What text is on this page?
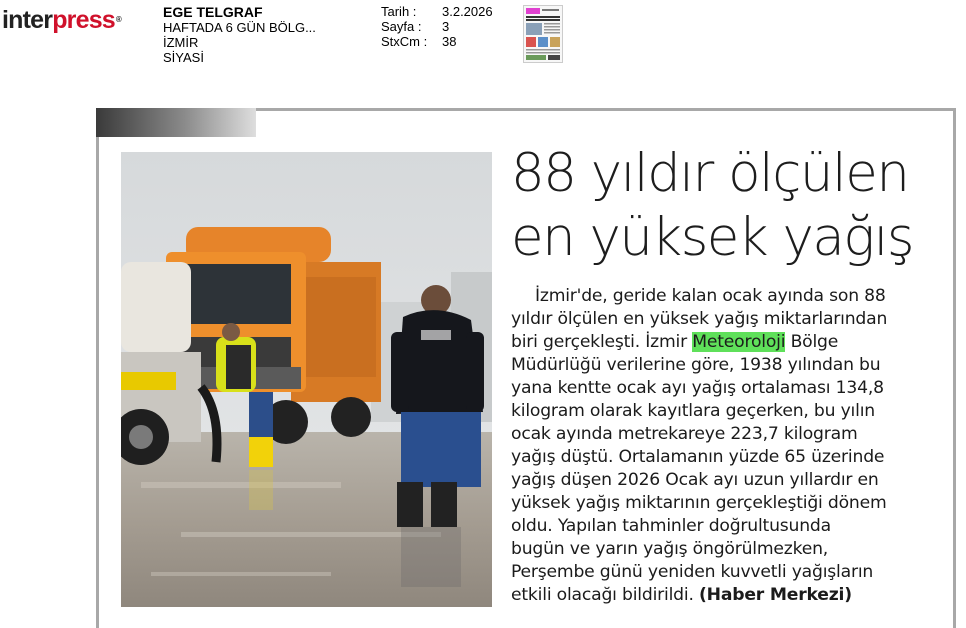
interpress®	EGE TELGRAF
HAFTADA 6 GÜN BÖLG...
İZMİR
SİYASİ
Tarih :	3.2.2026
Sayfa :	3
StxCm :	38
88 yıldır ölçülen
en yüksek yağış
İzmir'de, geride kalan ocak ayında son 88
yıldır ölçülen en yüksek yağış miktarlarından
biri gerçekleşti. İzmir Meteoroloji Bölge
Müdürlüğü verilerine göre, 1938 yılından bu
yana kentte ocak ayı yağış ortalaması 134,8
kilogram olarak kayıtlara geçerken, bu yılın
ocak ayında metrekareye 223,7 kilogram
yağış düştü. Ortalamanın yüzde 65 üzerinde
yağış düşen 2026 Ocak ayı uzun yıllardır en
yüksek yağış miktarının gerçekleştiği dönem
oldu. Yapılan tahminler doğrultusunda
bugün ve yarın yağış öngörülmezken,
Perşembe günü yeniden kuvvetli yağışların
etkili olacağı bildirildi. (Haber Merkezi)
